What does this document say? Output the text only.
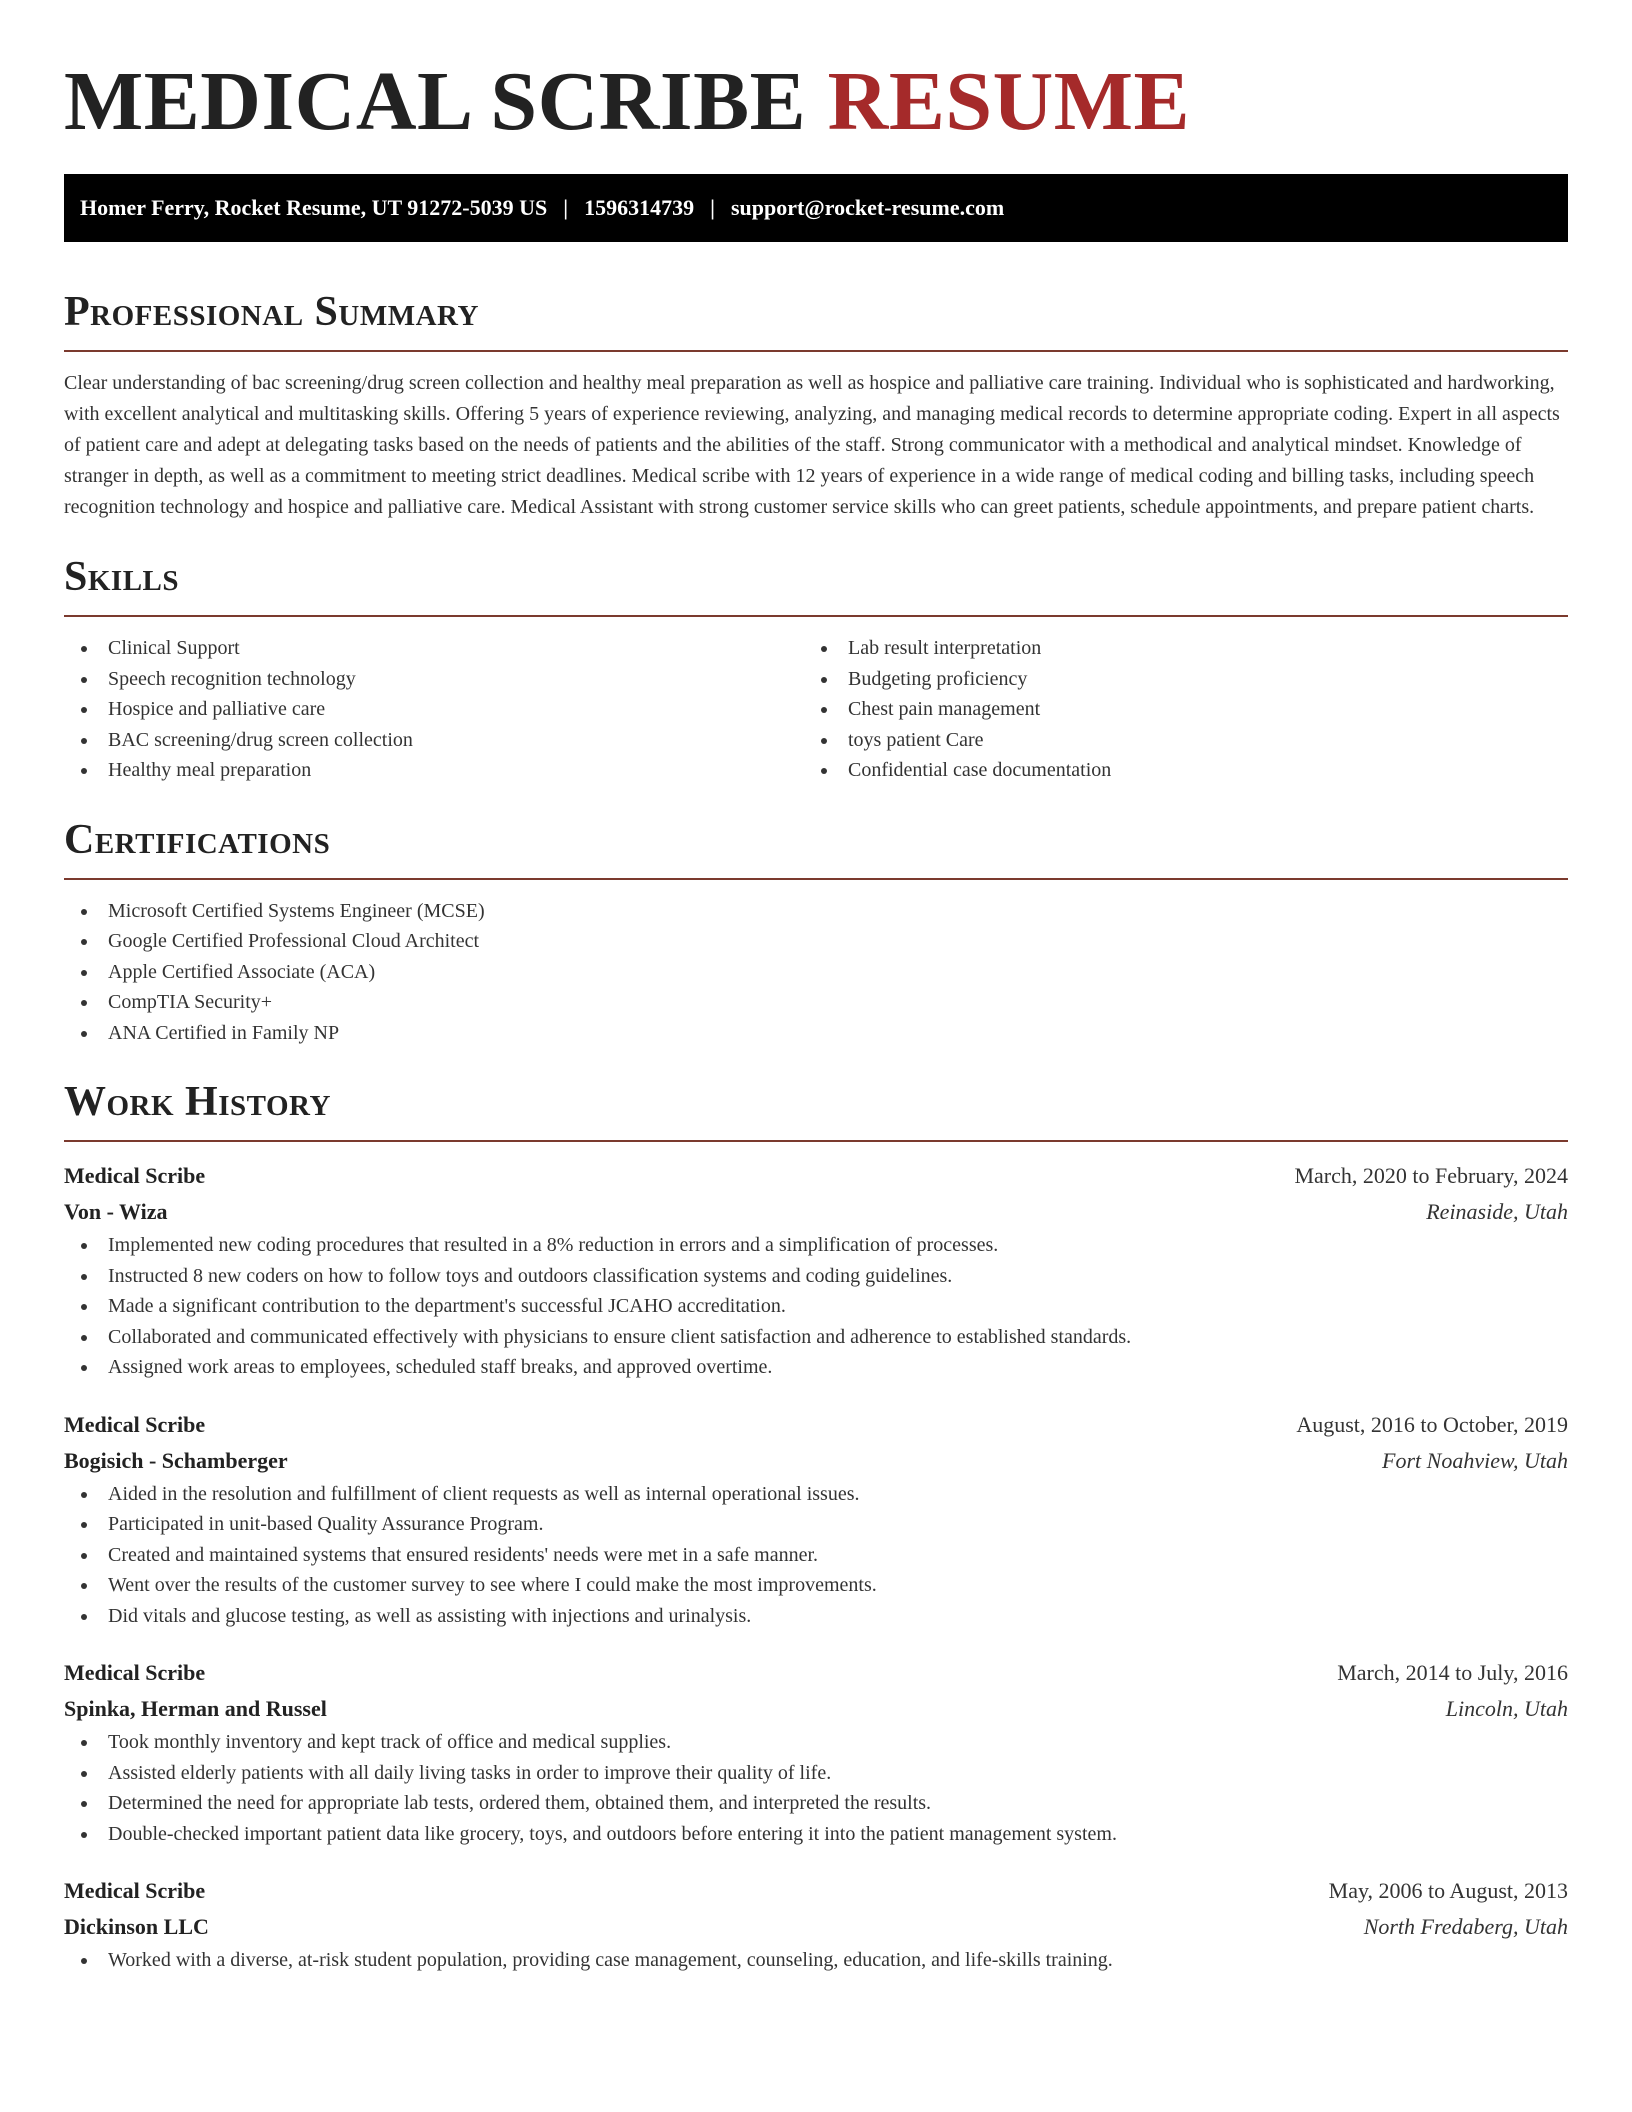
MEDICAL SCRIBE RESUME
Homer Ferry, Rocket Resume, UT 91272-5039 US | 1596314739 | support@rocket-resume.com
Professional Summary

Clear understanding of bac screening/drug screen collection and healthy meal preparation as well as hospice and palliative care training. Individual who is sophisticated and hardworking, with excellent analytical and multitasking skills. Offering 5 years of experience reviewing, analyzing, and managing medical records to determine appropriate coding. Expert in all aspects of patient care and adept at delegating tasks based on the needs of patients and the abilities of the staff. Strong communicator with a methodical and analytical mindset. Knowledge of stranger in depth, as well as a commitment to meeting strict deadlines. Medical scribe with 12 years of experience in a wide range of medical coding and billing tasks, including speech recognition technology and hospice and palliative care. Medical Assistant with strong customer service skills who can greet patients, schedule appointments, and prepare patient charts.

Skills
Clinical Support
Speech recognition technology
Hospice and palliative care
BAC screening/drug screen collection
Healthy meal preparation
Lab result interpretation
Budgeting proficiency
Chest pain management
toys patient Care
Confidential case documentation
Certifications
Microsoft Certified Systems Engineer (MCSE)
Google Certified Professional Cloud Architect
Apple Certified Associate (ACA)
CompTIA Security+
ANA Certified in Family NP
Work History
Medical Scribe	March, 2020 to February, 2024
Von - Wiza	Reinaside, Utah
Implemented new coding procedures that resulted in a 8% reduction in errors and a simplification of processes.
Instructed 8 new coders on how to follow toys and outdoors classification systems and coding guidelines.
Made a significant contribution to the department's successful JCAHO accreditation.
Collaborated and communicated effectively with physicians to ensure client satisfaction and adherence to established standards.
Assigned work areas to employees, scheduled staff breaks, and approved overtime.
Medical Scribe	August, 2016 to October, 2019
Bogisich - Schamberger	Fort Noahview, Utah
Aided in the resolution and fulfillment of client requests as well as internal operational issues.
Participated in unit-based Quality Assurance Program.
Created and maintained systems that ensured residents' needs were met in a safe manner.
Went over the results of the customer survey to see where I could make the most improvements.
Did vitals and glucose testing, as well as assisting with injections and urinalysis.
Medical Scribe	March, 2014 to July, 2016
Spinka, Herman and Russel	Lincoln, Utah
Took monthly inventory and kept track of office and medical supplies.
Assisted elderly patients with all daily living tasks in order to improve their quality of life.
Determined the need for appropriate lab tests, ordered them, obtained them, and interpreted the results.
Double-checked important patient data like grocery, toys, and outdoors before entering it into the patient management system.
Medical Scribe	May, 2006 to August, 2013
Dickinson LLC	North Fredaberg, Utah
Worked with a diverse, at-risk student population, providing case management, counseling, education, and life-skills training.
